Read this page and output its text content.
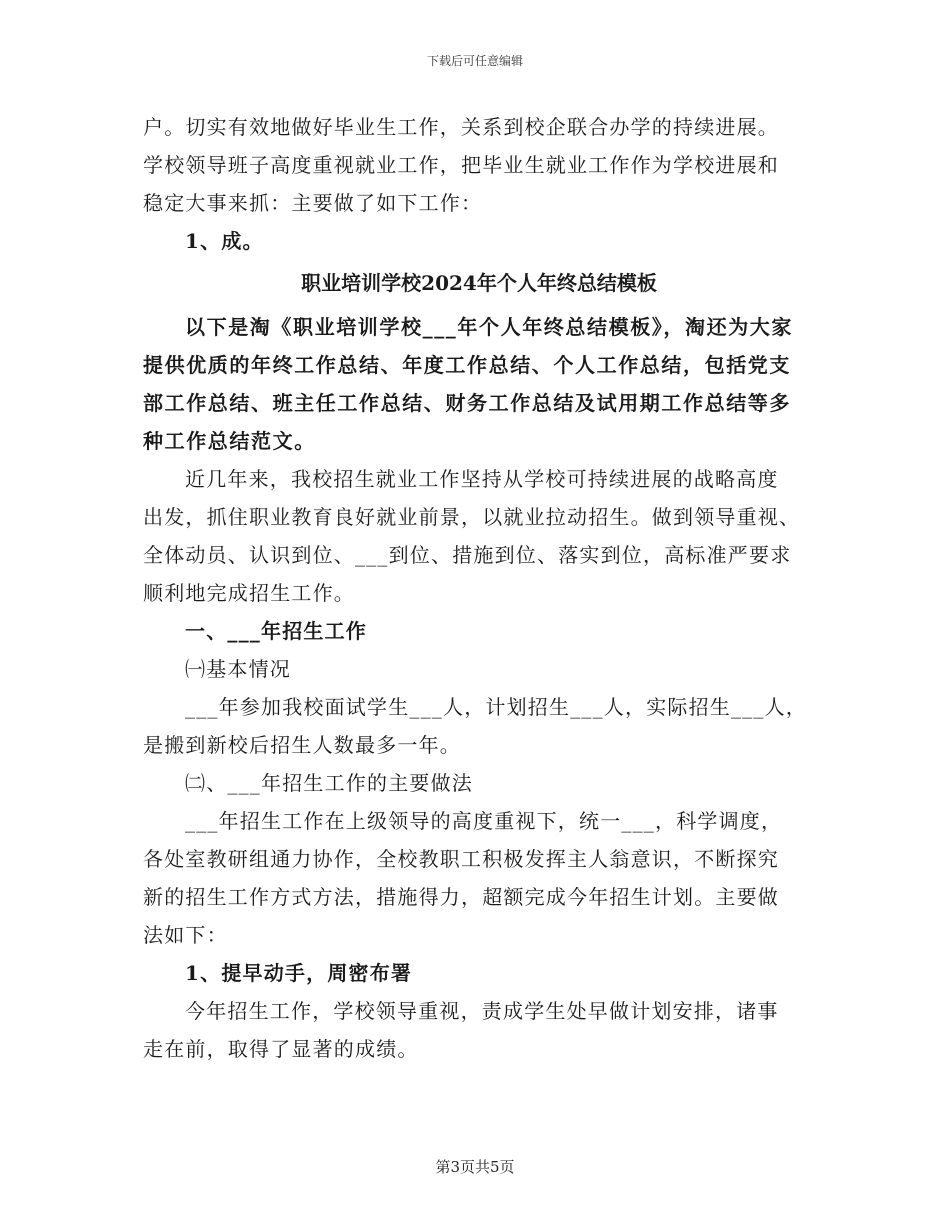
下载后可任意编辑
户。切实有效地做好毕业生工作，关系到校企联合办学的持续进展。
学校领导班子高度重视就业工作，把毕业生就业工作作为学校进展和
稳定大事来抓：主要做了如下工作：
1、成。
职业培训学校2024年个人年终总结模板
以下是淘《职业培训学校___年个人年终总结模板》，淘还为大家
提供优质的年终工作总结、年度工作总结、个人工作总结，包括党支
部工作总结、班主任工作总结、财务工作总结及试用期工作总结等多
种工作总结范文。
近几年来，我校招生就业工作坚持从学校可持续进展的战略高度
出发，抓住职业教育良好就业前景，以就业拉动招生。做到领导重视、
全体动员、认识到位、___到位、措施到位、落实到位，高标准严要求
顺利地完成招生工作。
一、___年招生工作
㈠基本情况
___年参加我校面试学生___人，计划招生___人，实际招生___人，
是搬到新校后招生人数最多一年。
㈡、___年招生工作的主要做法
___年招生工作在上级领导的高度重视下，统一___，科学调度，
各处室教研组通力协作，全校教职工积极发挥主人翁意识，不断探究
新的招生工作方式方法，措施得力，超额完成今年招生计划。主要做
法如下：
1、提早动手，周密布署
今年招生工作，学校领导重视，责成学生处早做计划安排，诸事
走在前，取得了显著的成绩。
第3页共5页
